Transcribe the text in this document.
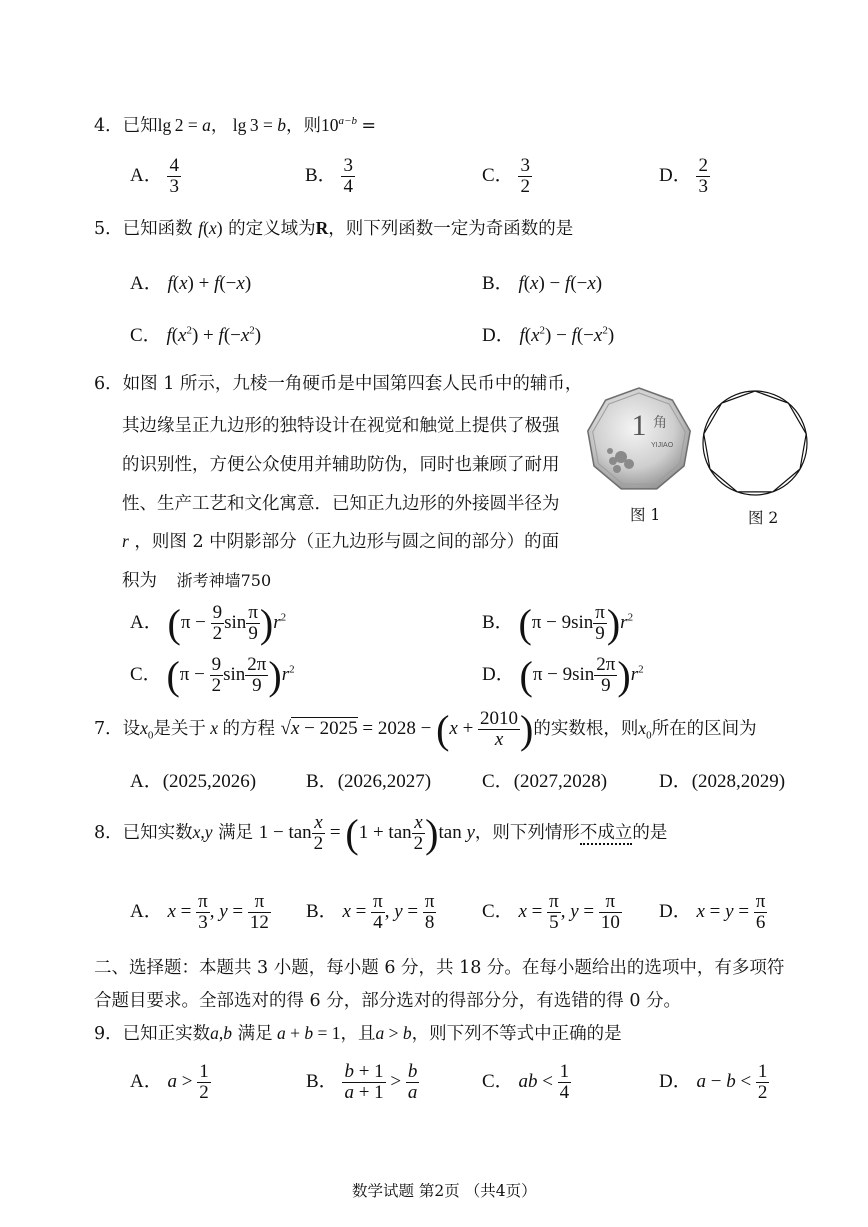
4．已知lg 2 = a， lg 3 = b，则$10^{a-b}$ =
A． $\frac{4}{3}$	B． $\frac{3}{4}$	C． $\frac{3}{2}$	D． $\frac{2}{3}$
5．已知函数 f(x) 的定义域为R，则下列函数一定为奇函数的是
A． f(x) + f(−x)	B． f(x) − f(−x)
C． $f(x^2) + f(-x^2)$	D． $f(x^2) - f(-x^2)$
6．如图 1 所示，九棱一角硬币是中国第四套人民币中的辅币，
其边缘呈正九边形的独特设计在视觉和触觉上提供了极强
的识别性，方便公众使用并辅助防伪，同时也兼顾了耐用
性、生产工艺和文化寓意．已知正九边形的外接圆半径为
r ，则图 2 中阴影部分（正九边形与圆之间的部分）的面
积为 浙考神墙750
1 角
YIJIAO
图 1	图 2
A． ($\pi - \frac{9}{2}$ $\sin \frac{\pi}{9} )r^2$	B． $(\pi - 9\sin \frac{\pi}{9} )r^2$
C． ($\pi - \frac{9}{2}$ $\sin \frac{2\pi}{9} )r^2$	D． $(\pi - 9\sin \frac{2\pi}{9} )r^2$
7．设$x_0$是关于 x 的方程 $√x - 2025 = 2028 - (x + \frac{2010}{x}$ )的实数根，则$x_0$所在的区间为
A．(2025,2026)	B．(2026,2027)	C．(2027,2028)	D．(2028,2029)
8．已知实数x,y 满足 $1 - \tan \frac{x}{2} = (1 + \tan \frac{x}{2} )\tan$ y，则下列情形不成立的是
A． $x = \frac{\pi}{3}$ , $y = \frac{\pi}{12}$ B． $x = \frac{\pi}{4}$ , $y = \frac{\pi}{8}$ C． $x = \frac{\pi}{5}$ , $y = \frac{\pi}{10}$ D． $x = y = \frac{\pi}{6}$
二、选择题：本题共 3 小题，每小题 6 分，共 18 分。在每小题给出的选项中，有多项符
合题目要求。全部选对的得 6 分，部分选对的得部分分，有选错的得 0 分。
9．已知正实数a,b 满足 a + b = 1，且a > b，则下列不等式中正确的是
A． $a > \frac{1}{2}$	B． $\frac{b + 1}{a + 1} > \frac{b}{a}$	C． ab < $\frac{1}{4}$	D． $a - b < \frac{1}{2}$
数学试题 第2页 （共4页）
